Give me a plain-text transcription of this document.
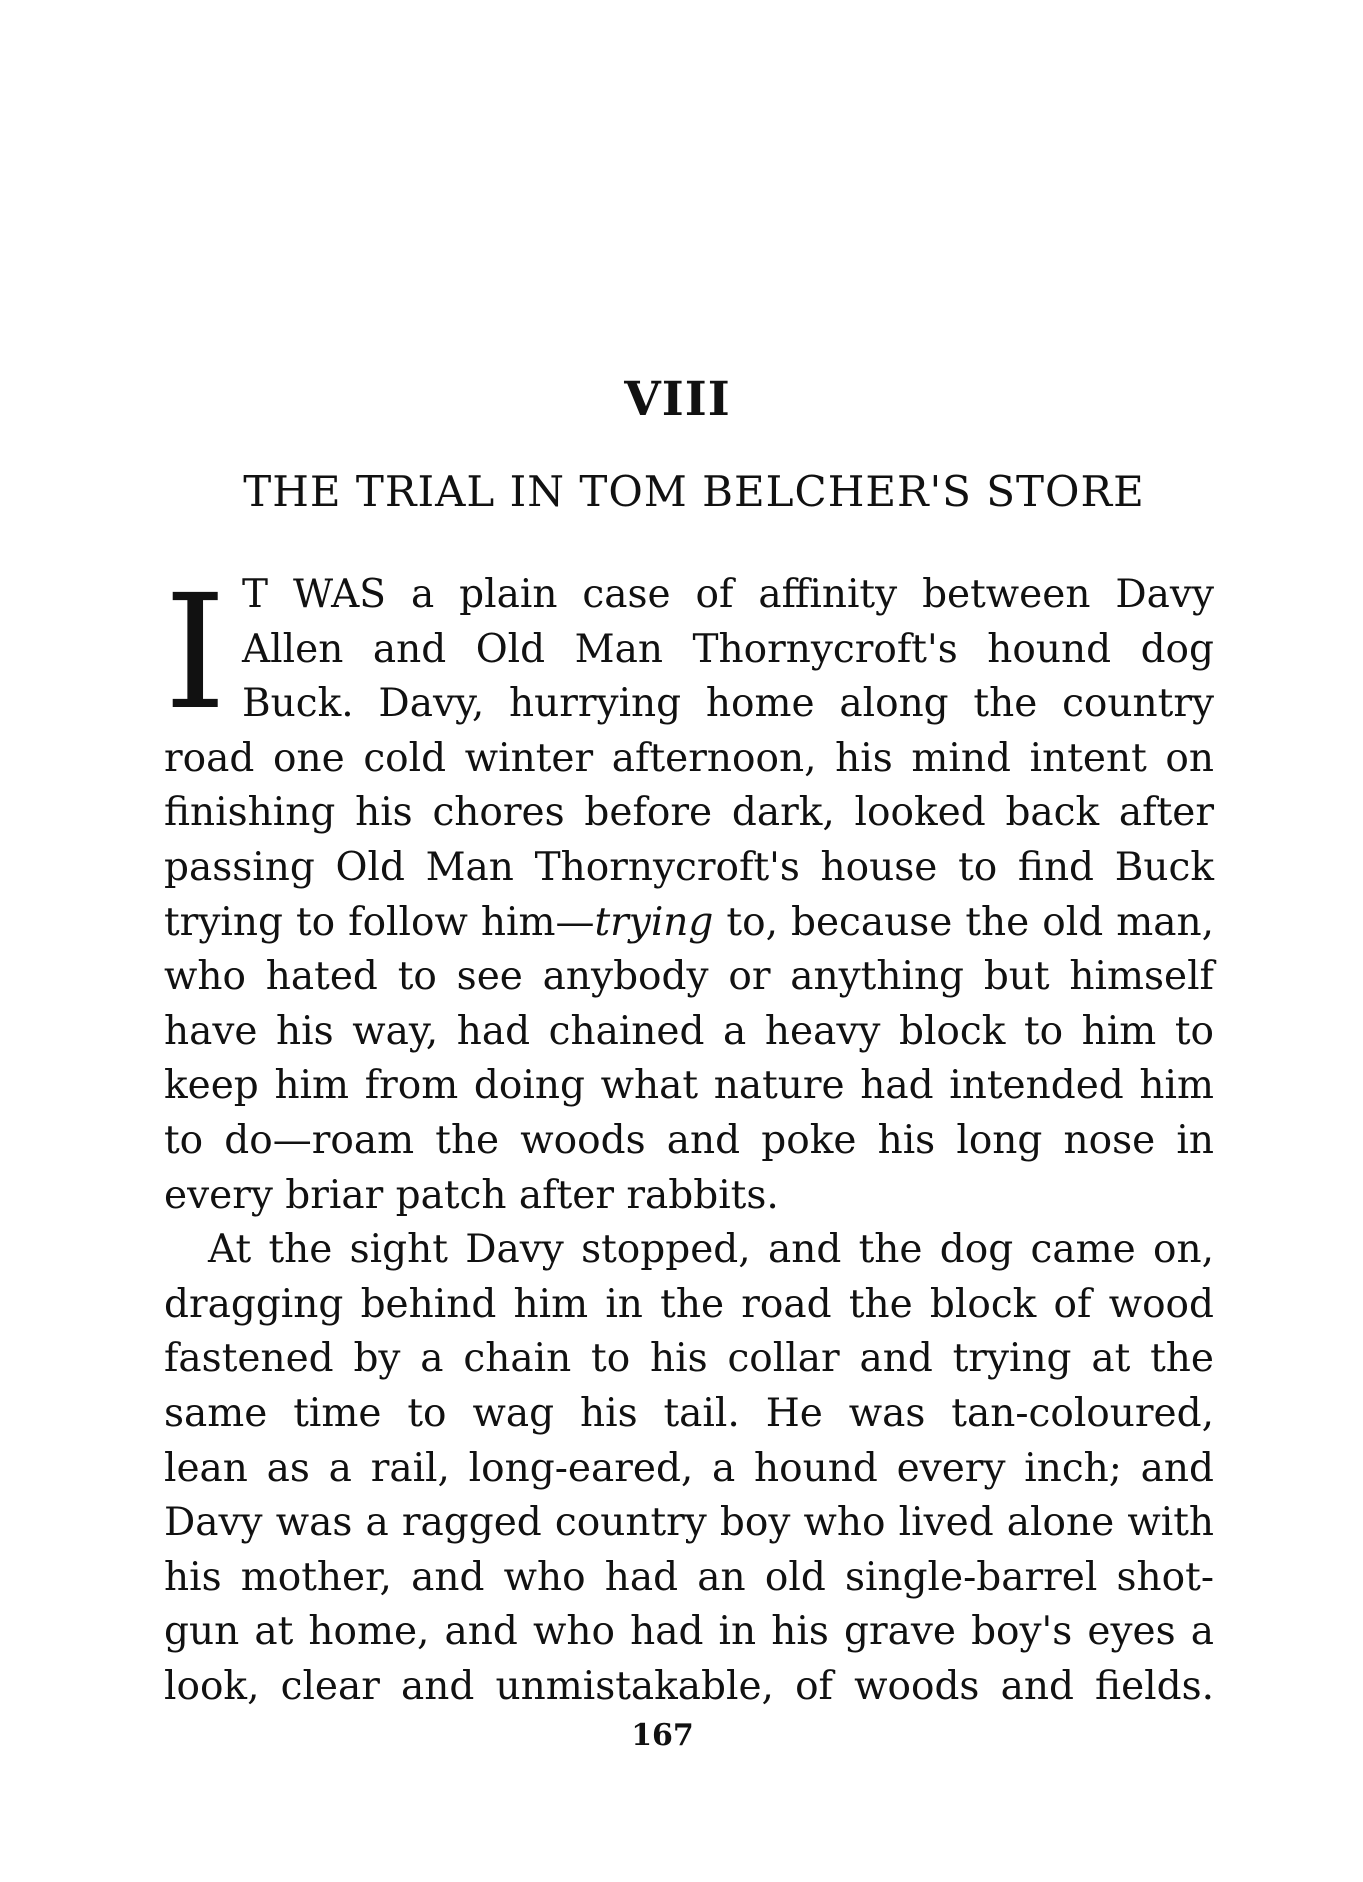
VIII
THE TRIAL IN TOM BELCHER'S STORE
I T WAS a plain case of affinity between Davy
Allen and Old Man Thornycroft's hound dog
Buck. Davy, hurrying home along the country
road one cold winter afternoon, his mind intent on
finishing his chores before dark, looked back after
passing Old Man Thornycroft's house to find Buck
trying to follow him—trying to, because the old man,
who hated to see anybody or anything but himself
have his way, had chained a heavy block to him to
keep him from doing what nature had intended him
to do—roam the woods and poke his long nose in
every briar patch after rabbits.
At the sight Davy stopped, and the dog came on,
dragging behind him in the road the block of wood
fastened by a chain to his collar and trying at the
same time to wag his tail. He was tan-coloured,
lean as a rail, long-eared, a hound every inch; and
Davy was a ragged country boy who lived alone with
his mother, and who had an old single-barrel shot-
gun at home, and who had in his grave boy's eyes a
look, clear and unmistakable, of woods and fields.
167
